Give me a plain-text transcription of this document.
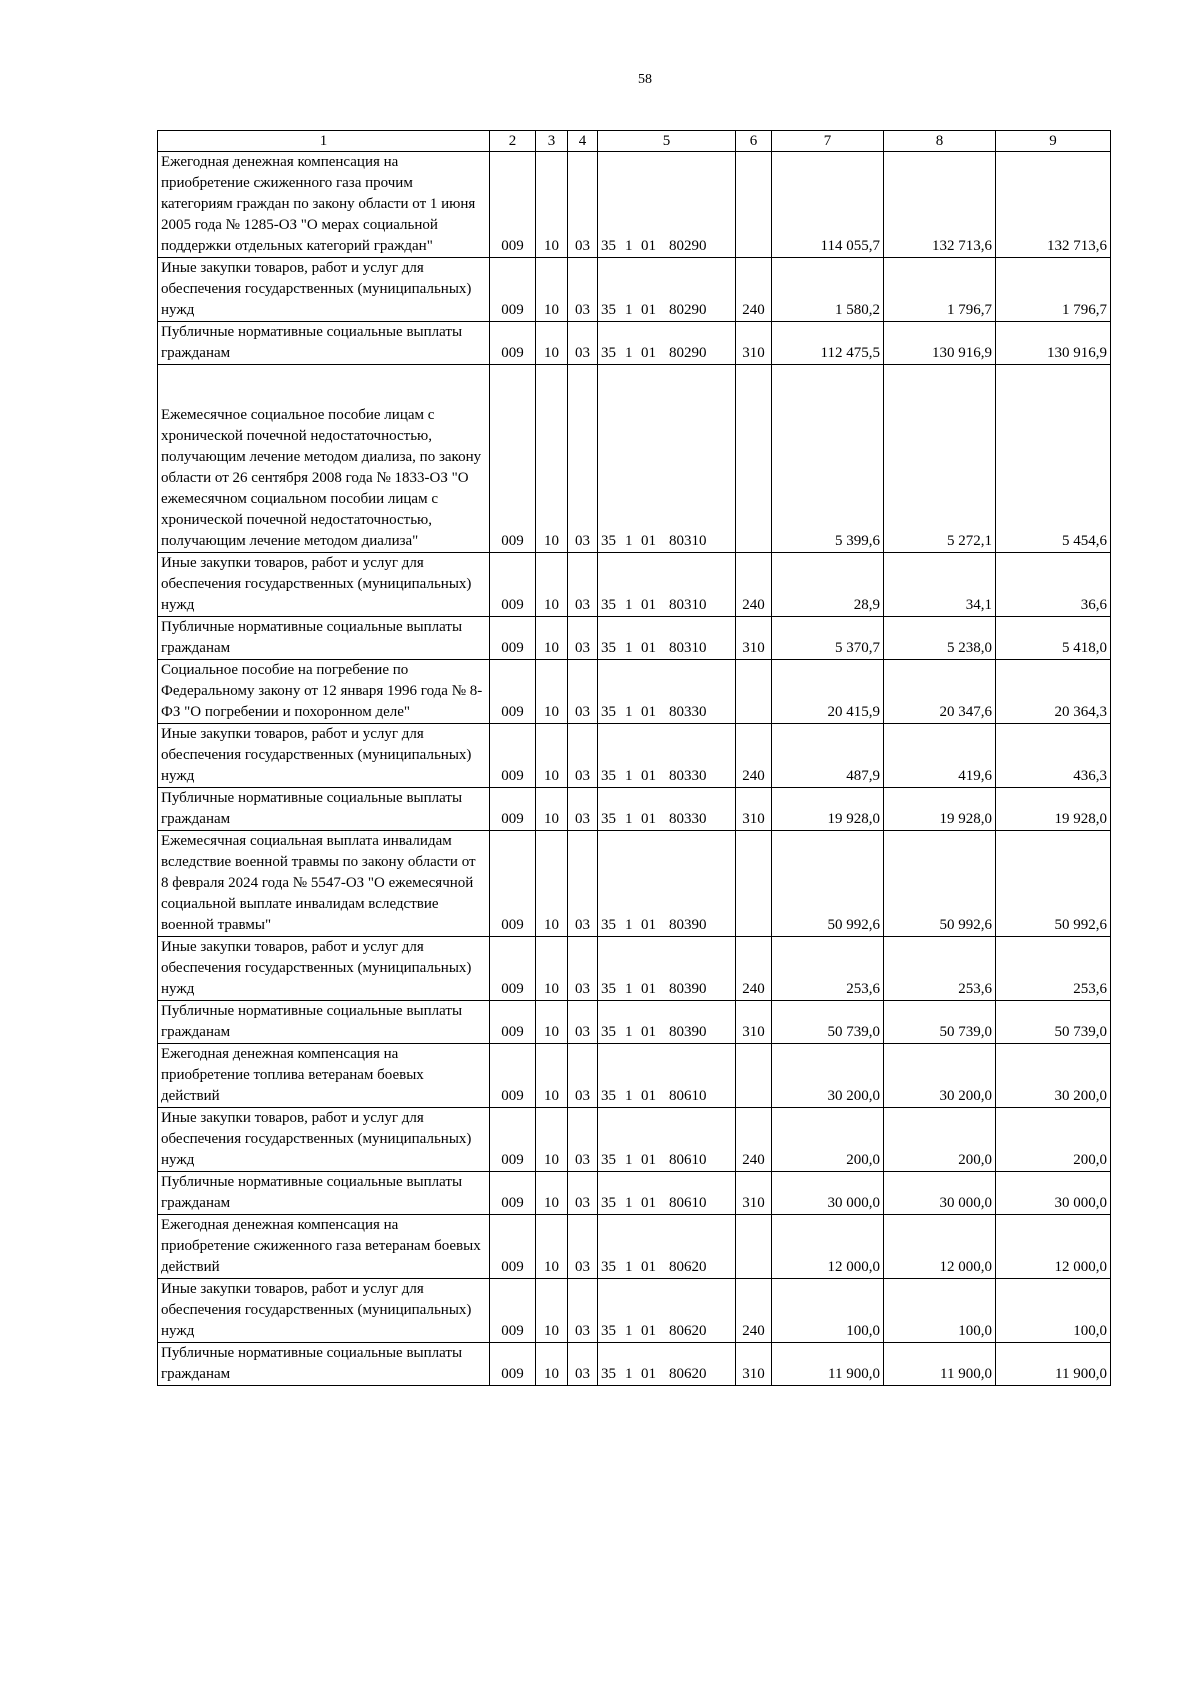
58
1	2	3	4	5	6	7	8	9
Ежегодная денежная компенсация на приобретение сжиженного газа прочим категориям граждан по закону области от 1 июня 2005 года № 1285-ОЗ "О мерах социальной поддержки отдельных категорий граждан"	009	10	03	35 1 01 80290		114 055,7	132 713,6	132 713,6
Иные закупки товаров, работ и услуг для обеспечения государственных (муниципальных) нужд	009	10	03	35 1 01 80290	240	1 580,2	1 796,7	1 796,7
Публичные нормативные социальные выплаты гражданам	009	10	03	35 1 01 80290	310	112 475,5	130 916,9	130 916,9
Ежемесячное социальное пособие лицам с хронической почечной недостаточностью, получающим лечение методом диализа, по закону области от 26 сентября 2008 года № 1833-ОЗ "О ежемесячном социальном пособии лицам с хронической почечной недостаточностью, получающим лечение методом диализа"	009	10	03	35 1 01 80310		5 399,6	5 272,1	5 454,6
Иные закупки товаров, работ и услуг для обеспечения государственных (муниципальных) нужд	009	10	03	35 1 01 80310	240	28,9	34,1	36,6
Публичные нормативные социальные выплаты гражданам	009	10	03	35 1 01 80310	310	5 370,7	5 238,0	5 418,0
Социальное пособие на погребение по Федеральному закону от 12 января 1996 года № 8-ФЗ "О погребении и похоронном деле"	009	10	03	35 1 01 80330		20 415,9	20 347,6	20 364,3
Иные закупки товаров, работ и услуг для обеспечения государственных (муниципальных) нужд	009	10	03	35 1 01 80330	240	487,9	419,6	436,3
Публичные нормативные социальные выплаты гражданам	009	10	03	35 1 01 80330	310	19 928,0	19 928,0	19 928,0
Ежемесячная социальная выплата инвалидам вследствие военной травмы по закону области от 8 февраля 2024 года № 5547-ОЗ "О ежемесячной социальной выплате инвалидам вследствие военной травмы"	009	10	03	35 1 01 80390		50 992,6	50 992,6	50 992,6
Иные закупки товаров, работ и услуг для обеспечения государственных (муниципальных) нужд	009	10	03	35 1 01 80390	240	253,6	253,6	253,6
Публичные нормативные социальные выплаты гражданам	009	10	03	35 1 01 80390	310	50 739,0	50 739,0	50 739,0
Ежегодная денежная компенсация на приобретение топлива ветеранам боевых действий	009	10	03	35 1 01 80610		30 200,0	30 200,0	30 200,0
Иные закупки товаров, работ и услуг для обеспечения государственных (муниципальных) нужд	009	10	03	35 1 01 80610	240	200,0	200,0	200,0
Публичные нормативные социальные выплаты гражданам	009	10	03	35 1 01 80610	310	30 000,0	30 000,0	30 000,0
Ежегодная денежная компенсация на приобретение сжиженного газа ветеранам боевых действий	009	10	03	35 1 01 80620		12 000,0	12 000,0	12 000,0
Иные закупки товаров, работ и услуг для обеспечения государственных (муниципальных) нужд	009	10	03	35 1 01 80620	240	100,0	100,0	100,0
Публичные нормативные социальные выплаты гражданам	009	10	03	35 1 01 80620	310	11 900,0	11 900,0	11 900,0
